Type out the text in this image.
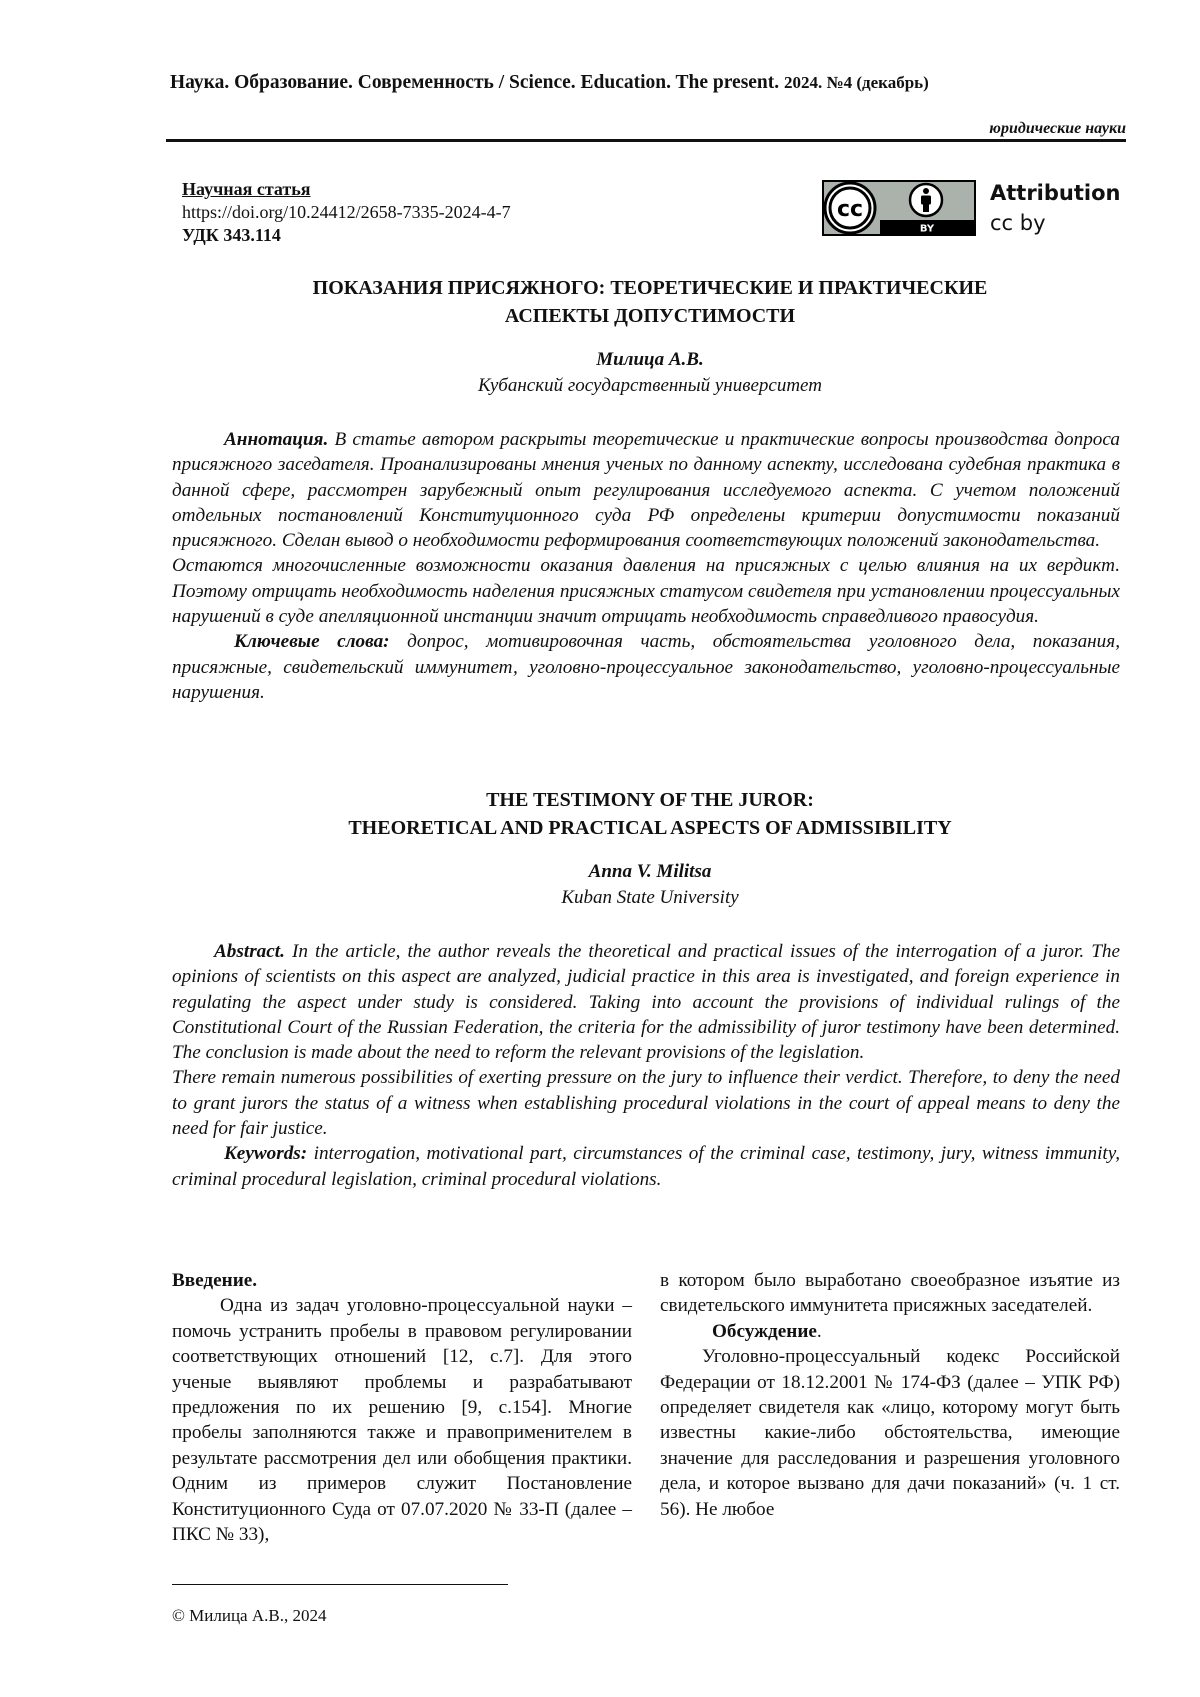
Наука. Образование. Современность / Science. Education. The present. 2024. №4 (декабрь)
юридические науки
Научная статья
https://doi.org/10.24412/2658-7335-2024-4-7
УДК 343.114	BY
cc
Attribution
cc by
ПОКАЗАНИЯ ПРИСЯЖНОГО: ТЕОРЕТИЧЕСКИЕ И ПРАКТИЧЕСКИЕ
АСПЕКТЫ ДОПУСТИМОСТИ
Милица А.В.
Кубанский государственный университет
Аннотация. В статье автором раскрыты теоретические и практические вопросы производства допроса присяжного заседателя. Проанализированы мнения ученых по данному аспекту, исследована судебная практика в данной сфере, рассмотрен зарубежный опыт регулирования исследуемого аспекта. С учетом положений отдельных постановлений Конституционного суда РФ определены критерии допустимости показаний присяжного. Сделан вывод о необходимости реформирования соответствующих положений законодательства.
Остаются многочисленные возможности оказания давления на присяжных с целью влияния на их вердикт. Поэтому отрицать необходимость наделения присяжных статусом свидетеля при установлении процессуальных нарушений в суде апелляционной инстанции значит отрицать необходимость справедливого правосудия.
Ключевые слова: допрос, мотивировочная часть, обстоятельства уголовного дела, показания, присяжные, свидетельский иммунитет, уголовно-процессуальное законодательство, уголовно-процессуальные нарушения.
THE TESTIMONY OF THE JUROR:
THEORETICAL AND PRACTICAL ASPECTS OF ADMISSIBILITY
Anna V. Militsa
Kuban State University
Abstract. In the article, the author reveals the theoretical and practical issues of the interrogation of a juror. The opinions of scientists on this aspect are analyzed, judicial practice in this area is investigated, and foreign experience in regulating the aspect under study is considered. Taking into account the provisions of individual rulings of the Constitutional Court of the Russian Federation, the criteria for the admissibility of juror testimony have been determined. The conclusion is made about the need to reform the relevant provisions of the legislation.
There remain numerous possibilities of exerting pressure on the jury to influence their verdict. Therefore, to deny the need to grant jurors the status of a witness when establishing procedural violations in the court of appeal means to deny the need for fair justice.
Keywords: interrogation, motivational part, circumstances of the criminal case, testimony, jury, witness immunity, criminal procedural legislation, criminal procedural violations.

Введение.

Одна из задач уголовно-процессуальной науки – помочь устранить пробелы в правовом регулировании соответствующих отношений [12, с.7]. Для этого ученые выявляют проблемы и разрабатывают предложения по их решению [9, с.154]. Многие пробелы заполняются также и правоприменителем в результате рассмотрения дел или обобщения практики. Одним из примеров служит Постановление Конституционного Суда от 07.07.2020 № 33-П (далее – ПКС № 33),

в котором было выработано своеобразное изъятие из свидетельского иммунитета присяжных заседателей.

Обсуждение.

Уголовно-процессуальный кодекс Российской Федерации от 18.12.2001 № 174-ФЗ (далее – УПК РФ) определяет свидетеля как «лицо, которому могут быть известны какие-либо обстоятельства, имеющие значение для расследования и разрешения уголовного дела, и которое вызвано для дачи показаний» (ч. 1 ст. 56). Не любое

© Милица А.В., 2024
